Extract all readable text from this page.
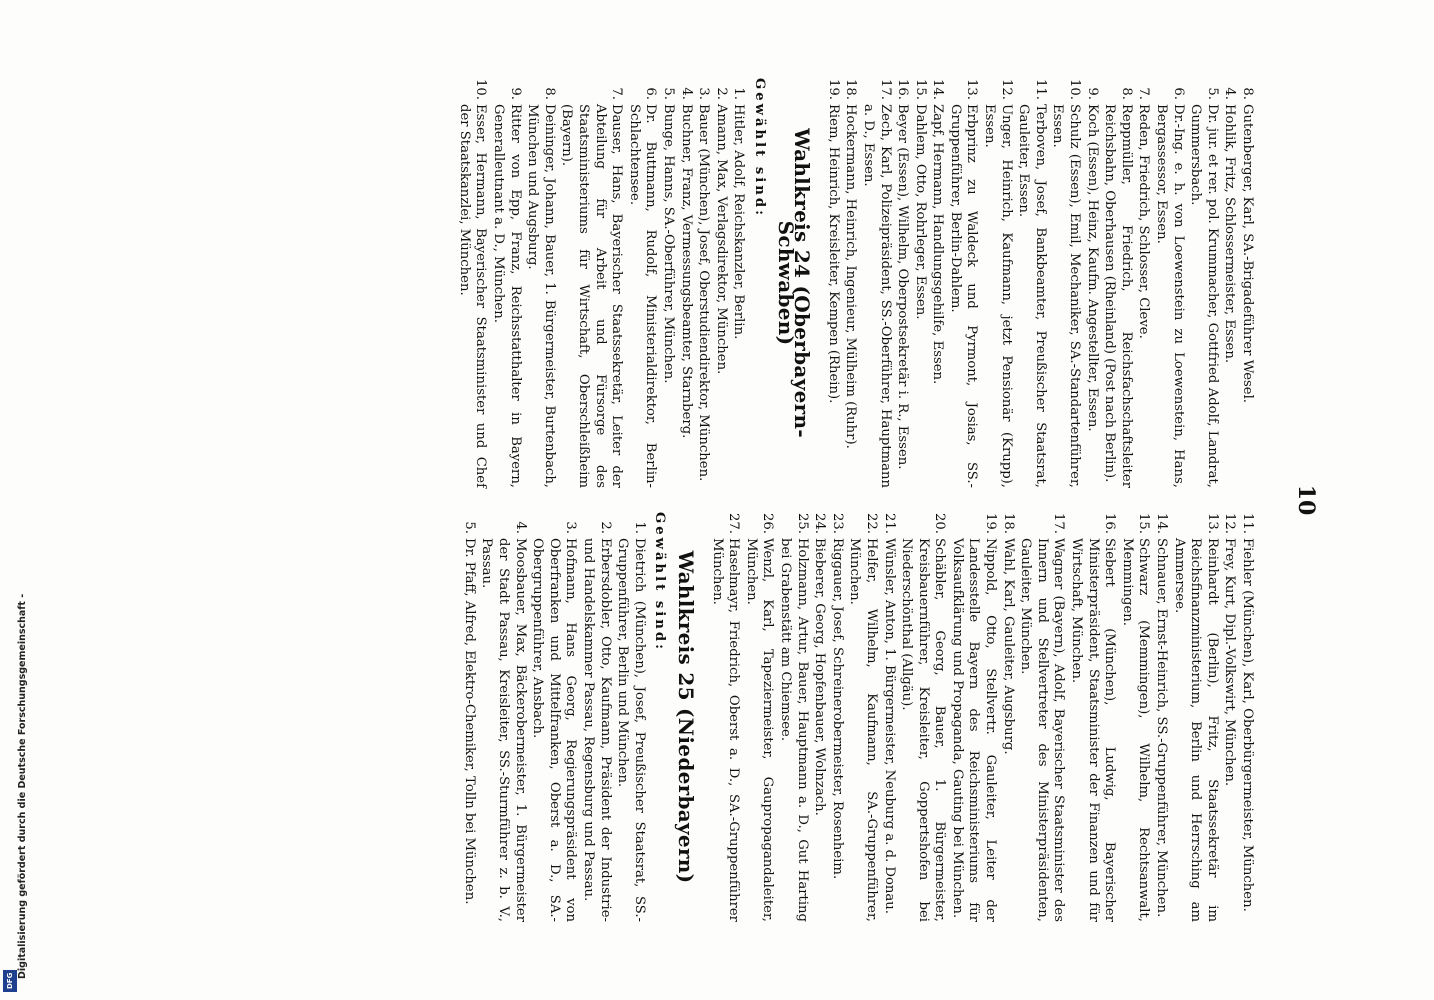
10
8.
Gutenberger, Karl, SA.-Brigadeführer Wesel.
4.
Hohlik, Fritz, Schlossermeister, Essen.
5.
Dr. jur. et rer. pol. Krummacher, Gottfried Adolf, Landrat, Gummersbach.
6.
Dr.-Ing. e. h. von Loewenstein zu Loewenstein, Hans, Bergassessor, Essen.
7.
Reden, Friedrich, Schlosser, Cleve.
8.
Reppmüller, Friedrich, Reichsfachschaftsleiter Reichsbahn, Oberhausen (Rheinland) (Post nach Berlin).
9.
Koch (Essen), Heinz, Kaufm. Angestellter, Essen.
10.
Schulz (Essen), Emil, Mechaniker, SA.-Standartenführer, Essen.
11.
Terboven, Josef, Bankbeamter, Preußischer Staatsrat, Gauleiter, Essen.
12.
Unger, Heinrich, Kaufmann, jetzt Pensionär (Krupp), Essen.
13.
Erbprinz zu Waldeck und Pyrmont, Josias, SS.-Gruppenführer, Berlin-Dahlem.
14.
Zapf, Hermann, Handlungsgehilfe, Essen.
15.
Dahlem, Otto, Rohrleger, Essen.
16.
Beyer (Essen), Wilhelm, Oberpostsekretär i. R., Essen.
17.
Zech, Karl, Polizeipräsident, SS.-Oberführer, Hauptmann a. D., Essen.
18.
Hockermann, Heinrich, Ingenieur, Mülheim (Ruhr).
19.
Riem, Heinrich, Kreisleiter, Kempen (Rhein).
Wahlkreis 24 (Oberbayern-Schwaben)
Gewählt sind:
1.
Hitler, Adolf, Reichskanzler, Berlin.
2.
Amann, Max, Verlagsdirektor, München.
3.
Bauer (München), Josef, Oberstudiendirektor, München.
4.
Buchner, Franz, Vermessungsbeamter, Starnberg.
5.
Bunge, Hanns, SA.-Oberführer, München.
6.
Dr. Buttmann, Rudolf, Ministerialdirektor, Berlin-Schlachtensee.
7.
Dauser, Hans, Bayerischer Staatssekretär, Leiter der Abteilung für Arbeit und Fürsorge des Staatsministeriums für Wirtschaft, Oberschleißheim (Bayern).
8.
Deininger, Johann, Bauer, 1. Bürgermeister, Burtenbach, München und Augsburg.
9.
Ritter von Epp, Franz, Reichsstatthalter in Bayern, Generalleutnant a. D., München.
10.
Esser, Hermann, Bayerischer Staatsminister und Chef der Staatskanzlei, München.
11.
Fiehler (München), Karl, Oberbürgermeister, München.
12.
Frey, Kurt, Dipl.-Volkswirt, München.
13.
Reinhardt (Berlin), Fritz, Staatssekretär im Reichsfinanzministerium, Berlin und Herrsching am Ammersee.
14.
Schnauer, Ernst-Heinrich, SS.-Gruppenführer, München.
15.
Schwarz (Memmingen), Wilhelm, Rechtsanwalt, Memmingen.
16.
Siebert (München), Ludwig, Bayerischer Ministerpräsident, Staatsminister der Finanzen und für Wirtschaft, München.
17.
Wagner (Bayern), Adolf, Bayerischer Staatsminister des Innern und Stellvertreter des Ministerpräsidenten, Gauleiter, München.
18.
Wahl, Karl, Gauleiter, Augsburg.
19.
Nippold, Otto, Stellvertr. Gauleiter, Leiter der Landesstelle Bayern des Reichsministeriums für Volksaufklärung und Propaganda, Gauting bei München.
20.
Schäbler, Georg, Bauer, 1. Bürgermeister, Kreisbauernführer, Kreisleiter, Goppertshofen bei Niederschönthal (Allgäu).
21.
Wünsler, Anton, 1. Bürgermeister, Neuburg a. d. Donau.
22.
Helfer, Wilhelm, Kaufmann, SA.-Gruppenführer, München.
23.
Riggauer, Josef, Schreinerobermeister, Rosenheim.
24.
Bieberer, Georg, Hopfenbauer, Wolnzach.
25.
Holzmann, Artur, Bauer, Hauptmann a. D., Gut Harting bei Grabenstätt am Chiemsee.
26.
Wenzl, Karl, Tapeziermeister, Gaupropagandaleiter, München.
27.
Haselmayr, Friedrich, Oberst a. D., SA.-Gruppenführer München.
Wahlkreis 25 (Niederbayern)
Gewählt sind:
1.
Dietrich (München), Josef, Preußischer Staatsrat, SS.-Gruppenführer, Berlin und München.
2.
Erbersdobler, Otto, Kaufmann, Präsident der Industrie- und Handelskammer Passau, Regensburg und Passau.
3.
Hofmann, Hans Georg, Regierungspräsident von Oberfranken und Mittelfranken, Oberst a. D., SA.-Obergruppenführer, Ansbach.
4.
Moosbauer, Max, Bäckerobermeister, 1. Bürgermeister der Stadt Passau, Kreisleiter, SS.-Sturmführer z. b. V., Passau.
5.
Dr. Pfaff, Alfred, Elektro-Chemiker, Tolln bei München.
Digitalisierung gefördert durch die Deutsche Forschungsgemeinschaft -
DFG
